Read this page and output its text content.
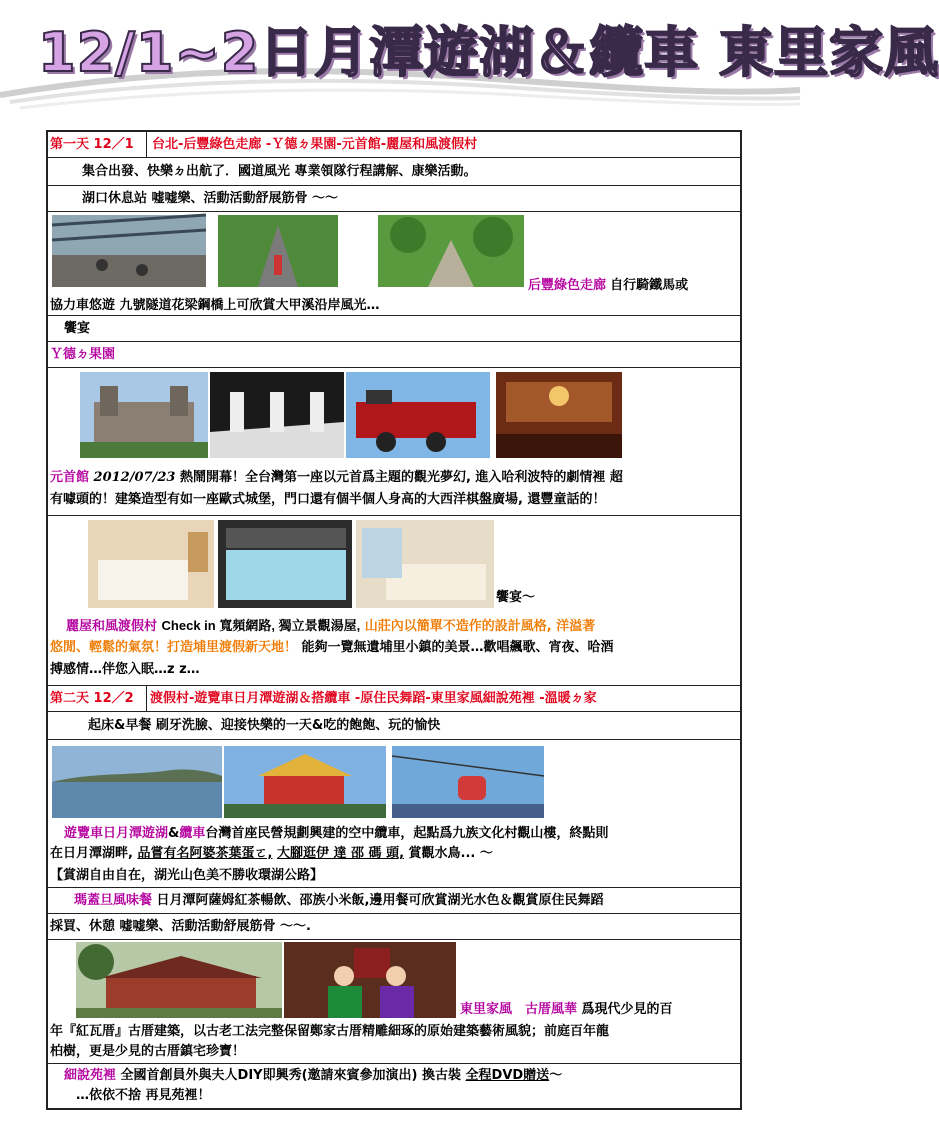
12/1~2日月潭遊湖＆纜車 東里家風
第一天 12／1 台北-后豐綠色走廊 -Ｙ德ㄉ果園-元首館-麗屋和風渡假村
集合出發、快樂ㄉ出航了．國道風光 專業領隊行程講解、康樂活動。
湖口休息站 嘘嘘樂、活動活動舒展筋骨 ～～
后豐綠色走廊 自行騎鐵馬或
協力車悠遊 九號隧道花梁鋼橋上可欣賞大甲溪沿岸風光…
饗宴
Ｙ德ㄉ果園
元首館 2012/07/23 熱鬧開幕！全台灣第一座以元首爲主題的觀光夢幻, 進入哈利波特的劇情裡 超
有噱頭的！建築造型有如一座歐式城堡，門口還有個半個人身高的大西洋棋盤廣場, 還豐童話的！
饗宴～
麗屋和風渡假村 Check in 寬頻網路, 獨立景觀湯屋, 山莊內以簡單不造作的設計風格, 洋溢著
悠閒、輕鬆的氣氛！打造埔里渡假新天地！ 能夠一覽無遺埔里小鎮的美景…歡唱飆歌、宵夜、哈酒
搏感情…伴您入眠…z z…
第二天 12／2 渡假村-遊覽車日月潭遊湖＆搭纜車 -原住民舞蹈-東里家風細說苑裡 -溫暖ㄉ家
起床&早餐 刷牙洗臉、迎接快樂的一天&吃的飽飽、玩的愉快
遊覽車日月潭遊湖&纜車台灣首座民營規劃興建的空中纜車，起點爲九族文化村觀山樓，終點則
在日月潭湖畔, 品嘗有名阿婆茶葉蛋ㄛ, 大腳逛伊 達 邵 碼 頭, 賞觀水鳥... ～
【賞湖自由自在，湖光山色美不勝收環湖公路】
瑪蓋旦風味餐 日月潭阿薩姆紅茶暢飲、邵族小米飯,邊用餐可欣賞湖光水色＆觀賞原住民舞蹈
採買、休憩 嘘嘘樂、活動活動舒展筋骨 ～～.
東里家風　古厝風華 爲現代少見的百
年『紅瓦厝』古厝建築，以古老工法完整保留鄭家古厝精雕細琢的原始建築藝術風貌；前庭百年龍
柏樹，更是少見的古厝鎮宅珍寶！
細說苑裡 全國首創員外與夫人DIY即興秀(邀請來賓參加演出) 換古裝 全程DVD贈送～
…依依不捨 再見苑裡！
